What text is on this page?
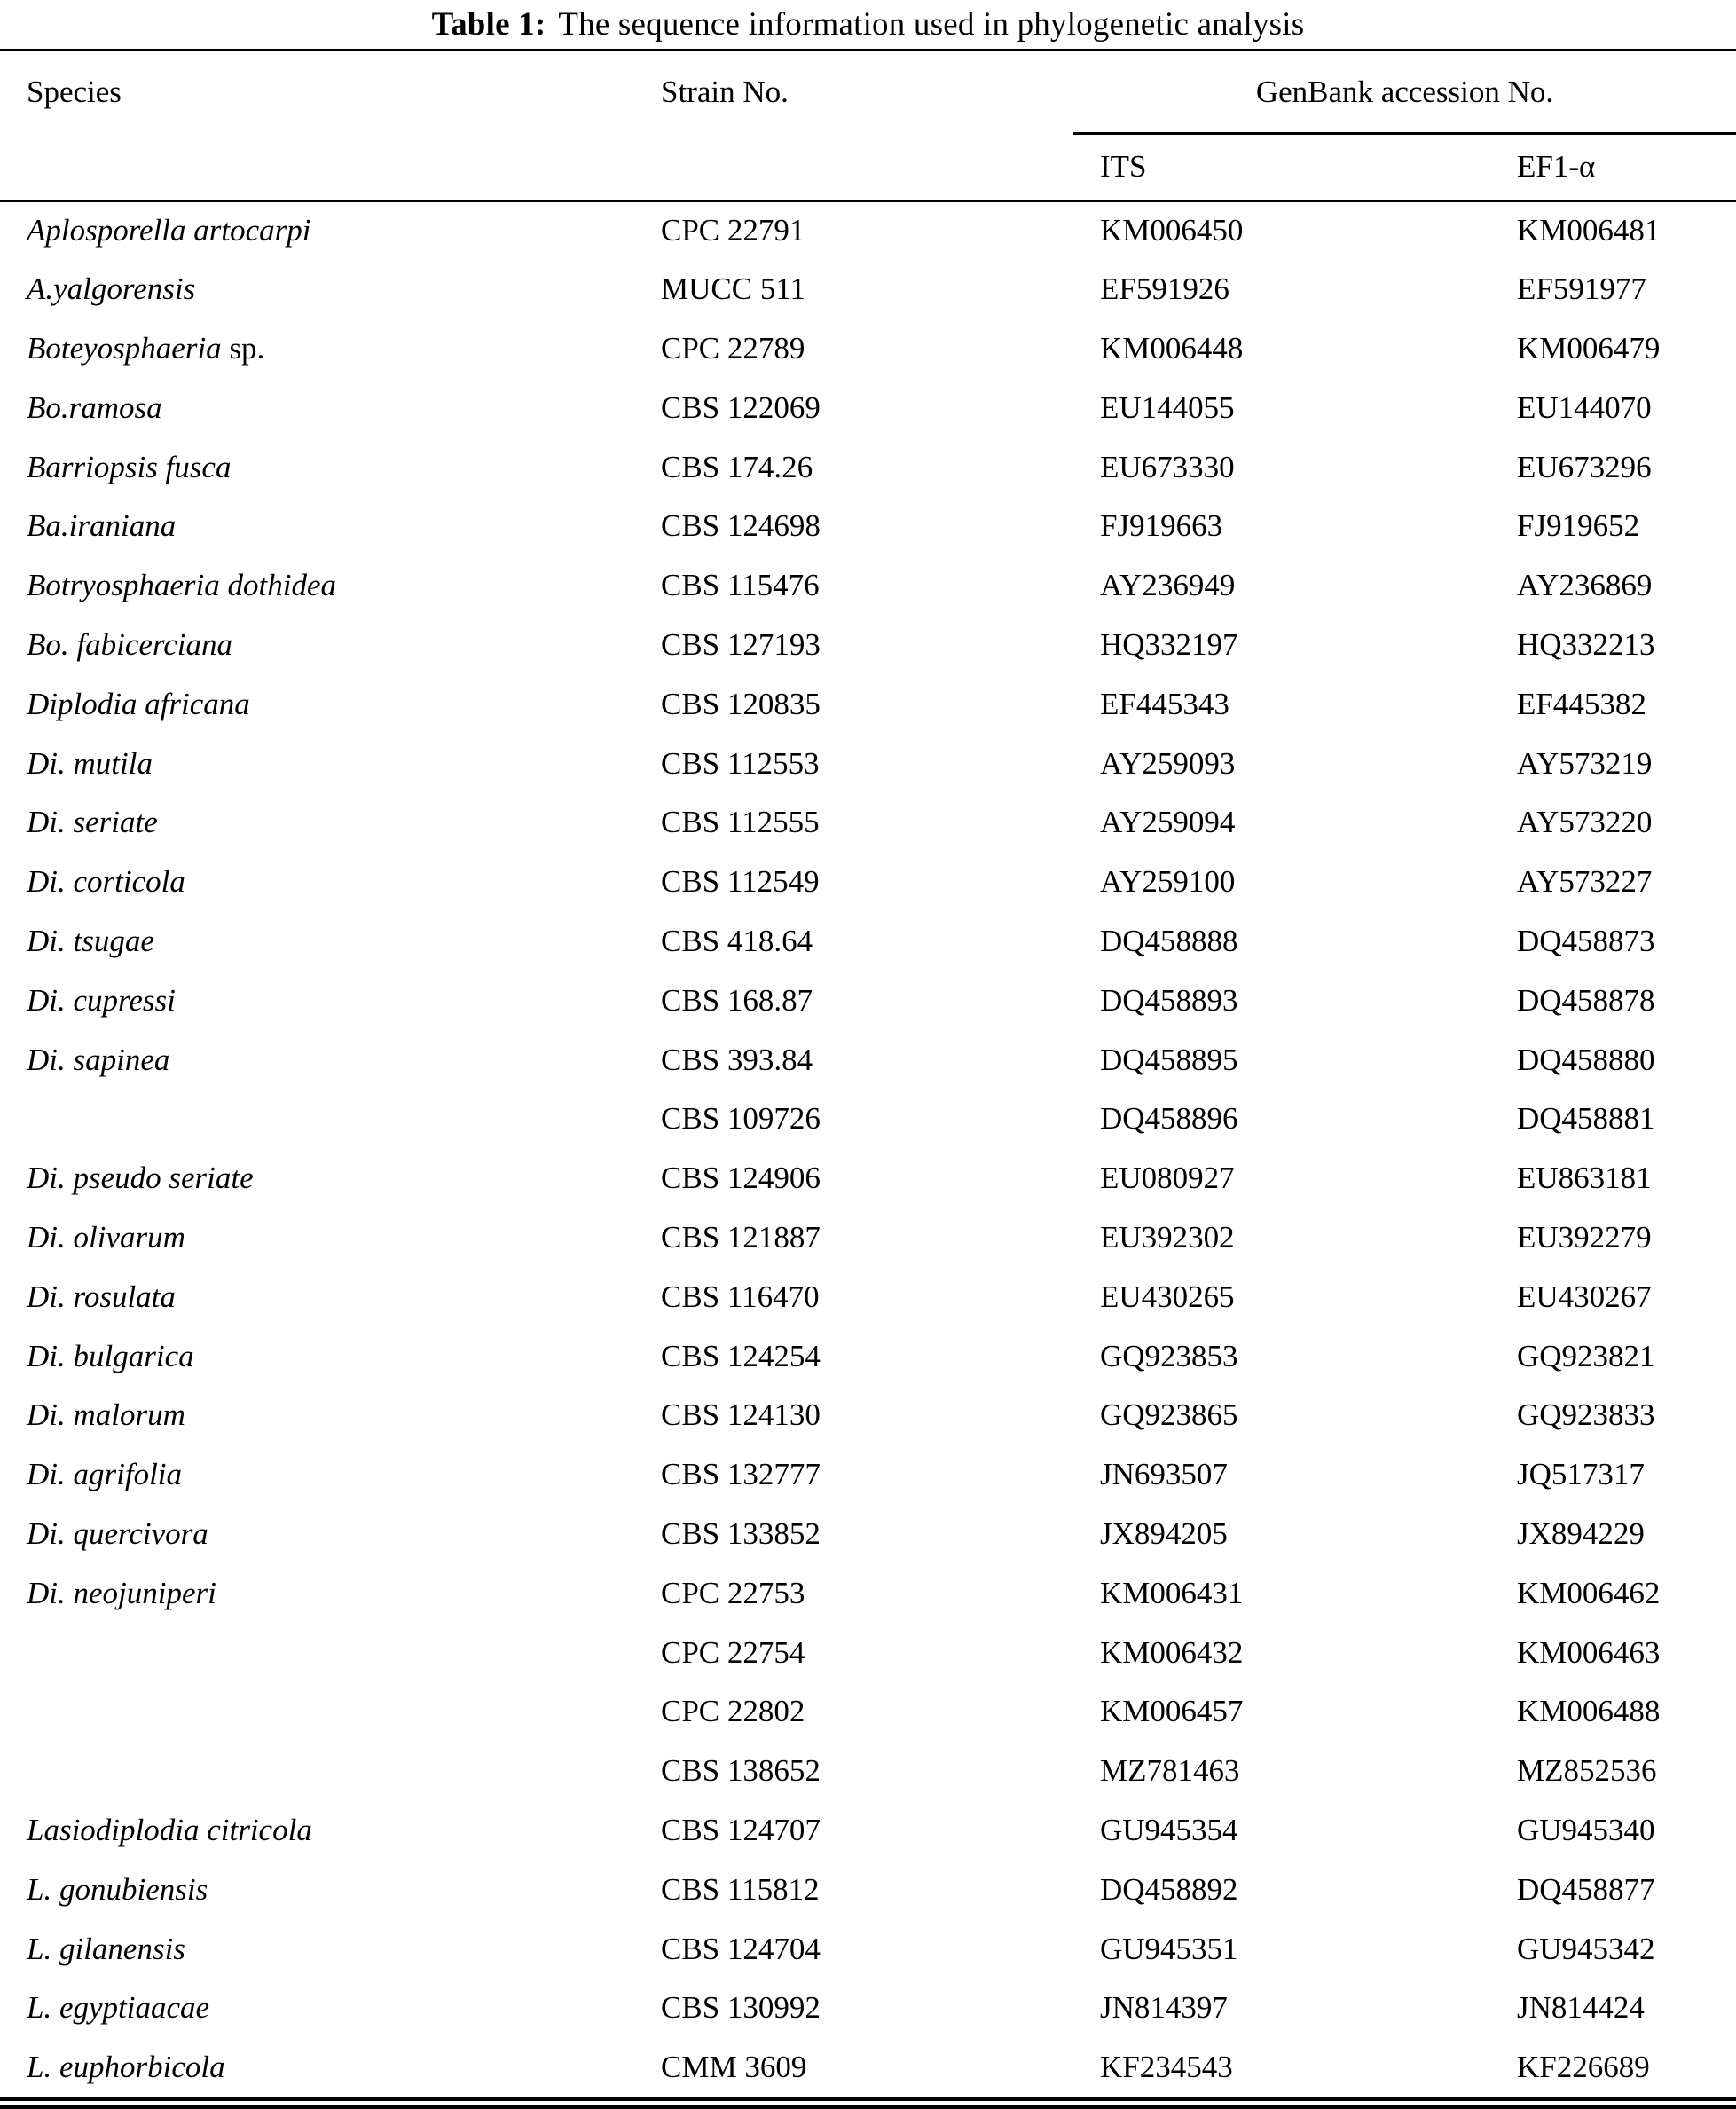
Table 1: The sequence information used in phylogenetic analysis
Species	Strain No.	GenBank accession No.	
		ITS	EF1-α
Aplosporella artocarpi	CPC 22791	KM006450	KM006481
A.yalgorensis	MUCC 511	EF591926	EF591977
Boteyosphaeria sp.	CPC 22789	KM006448	KM006479
Bo.ramosa	CBS 122069	EU144055	EU144070
Barriopsis fusca	CBS 174.26	EU673330	EU673296
Ba.iraniana	CBS 124698	FJ919663	FJ919652
Botryosphaeria dothidea	CBS 115476	AY236949	AY236869
Bo. fabicerciana	CBS 127193	HQ332197	HQ332213
Diplodia africana	CBS 120835	EF445343	EF445382
Di. mutila	CBS 112553	AY259093	AY573219
Di. seriate	CBS 112555	AY259094	AY573220
Di. corticola	CBS 112549	AY259100	AY573227
Di. tsugae	CBS 418.64	DQ458888	DQ458873
Di. cupressi	CBS 168.87	DQ458893	DQ458878
Di. sapinea	CBS 393.84	DQ458895	DQ458880
	CBS 109726	DQ458896	DQ458881
Di. pseudo seriate	CBS 124906	EU080927	EU863181
Di. olivarum	CBS 121887	EU392302	EU392279
Di. rosulata	CBS 116470	EU430265	EU430267
Di. bulgarica	CBS 124254	GQ923853	GQ923821
Di. malorum	CBS 124130	GQ923865	GQ923833
Di. agrifolia	CBS 132777	JN693507	JQ517317
Di. quercivora	CBS 133852	JX894205	JX894229
Di. neojuniperi	CPC 22753	KM006431	KM006462
	CPC 22754	KM006432	KM006463
	CPC 22802	KM006457	KM006488
	CBS 138652	MZ781463	MZ852536
Lasiodiplodia citricola	CBS 124707	GU945354	GU945340
L. gonubiensis	CBS 115812	DQ458892	DQ458877
L. gilanensis	CBS 124704	GU945351	GU945342
L. egyptiaacae	CBS 130992	JN814397	JN814424
L. euphorbicola	CMM 3609	KF234543	KF226689
